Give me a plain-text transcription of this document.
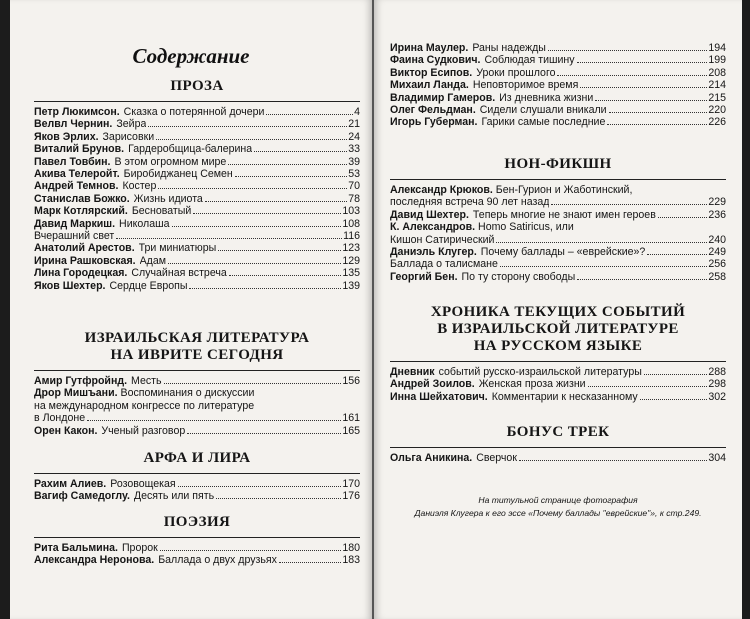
Содержание
ПРОЗА
Петр Люкимсон. Сказка о потерянной дочери	4
Велвл Чернин. Зейра	21
Яков Эрлих. Зарисовки	24
Виталий Брунов. Гардеробщица-балерина	33
Павел Товбин. В этом огромном мире	39
Акива Телеройт. Биробиджанец Семен	53
Андрей Темнов. Костер	70
Станислав Божко. Жизнь идиота	78
Марк Котлярский. Бесноватый	103
Давид Маркиш. Николаша	108
Вчерашний свет	116
Анатолий Арестов. Три миниатюры	123
Ирина Рашковская. Адам	129
Лина Городецкая. Случайная встреча	135
Яков Шехтер. Сердце Европы	139
ИЗРАИЛЬСКАЯ ЛИТЕРАТУРА
НА ИВРИТЕ СЕГОДНЯ
Амир Гутфройнд. Месть	156
Дрор Мишъани. Воспоминания о дискуссии
на международном конгрессе по литературе
в Лондоне	161
Орен Какон. Ученый разговор	165
АРФА И ЛИРА
Рахим Алиев. Розовощекая	170
Вагиф Самедоглу. Десять или пять	176
ПОЭЗИЯ
Рита Бальмина. Пророк	180
Александра Неронова. Баллада о двух друзьях	183
Ирина Маулер. Раны надежды	194
Фаина Судкович. Соблюдая тишину	199
Виктор Есипов. Уроки прошлого	208
Михаил Ланда. Неповторимое время	214
Владимир Гамеров. Из дневника жизни	215
Олег Фельдман. Сидели слушали вникали	220
Игорь Губерман. Гарики самые последние	226
НОН-ФИКШН
Александр Крюков. Бен-Гурион и Жаботинский,
последняя встреча 90 лет назад	229
Давид Шехтер. Теперь многие не знают имен героев	236
К. Александров. Homo Satiricus, или
Кишон Сатирический	240
Даниэль Клугер. Почему баллады – «еврейские»?	249
Баллада о талисмане	256
Георгий Бен. По ту сторону свободы	258
ХРОНИКА ТЕКУЩИХ СОБЫТИЙ
В ИЗРАИЛЬСКОЙ ЛИТЕРАТУРЕ
НА РУССКОМ ЯЗЫКЕ
Дневник событий русско-израильской литературы	288
Андрей Зоилов. Женская проза жизни	298
Инна Шейхатович. Комментарии к несказанному	302
БОНУС ТРЕК
Ольга Аникина. Сверчок	304
На титульной странице фотография
Даниэля Клугера к его эссе «Почему баллады "еврейские"», к стр.249.
